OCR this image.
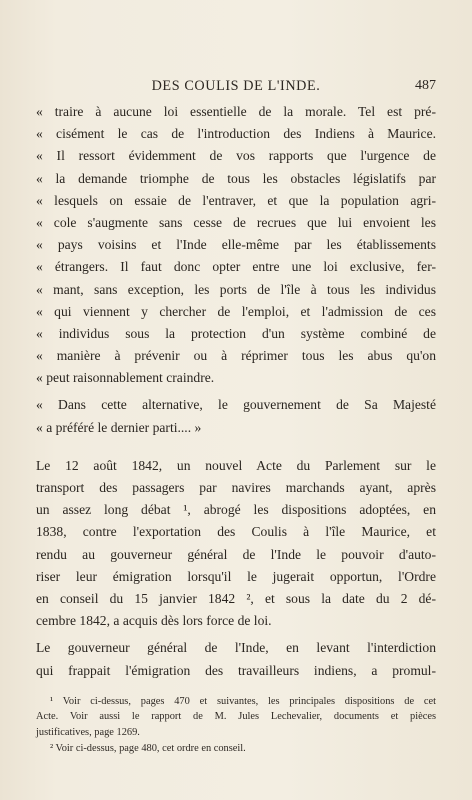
DES COULIS DE L'INDE.	487
« traire à aucune loi essentielle de la morale. Tel est pré-
« cisément le cas de l'introduction des Indiens à Maurice.
« Il ressort évidemment de vos rapports que l'urgence de
« la demande triomphe de tous les obstacles législatifs par
« lesquels on essaie de l'entraver, et que la population agri-
« cole s'augmente sans cesse de recrues que lui envoient les
« pays voisins et l'Inde elle-même par les établissements
« étrangers. Il faut donc opter entre une loi exclusive, fer-
« mant, sans exception, les ports de l'île à tous les individus
« qui viennent y chercher de l'emploi, et l'admission de ces
« individus sous la protection d'un système combiné de
« manière à prévenir ou à réprimer tous les abus qu'on
« peut raisonnablement craindre.
« Dans cette alternative, le gouvernement de Sa Majesté
« a préféré le dernier parti.... »
Le 12 août 1842, un nouvel Acte du Parlement sur le
transport des passagers par navires marchands ayant, après
un assez long débat ¹, abrogé les dispositions adoptées, en
1838, contre l'exportation des Coulis à l'île Maurice, et
rendu au gouverneur général de l'Inde le pouvoir d'auto-
riser leur émigration lorsqu'il le jugerait opportun, l'Ordre
en conseil du 15 janvier 1842 ², et sous la date du 2 dé-
cembre 1842, a acquis dès lors force de loi.
Le gouverneur général de l'Inde, en levant l'interdiction
qui frappait l'émigration des travailleurs indiens, a promul-
¹ Voir ci-dessus, pages 470 et suivantes, les principales dispositions de cet
Acte. Voir aussi le rapport de M. Jules Lechevalier, documents et pièces
justificatives, page 1269.
² Voir ci-dessus, page 480, cet ordre en conseil.
